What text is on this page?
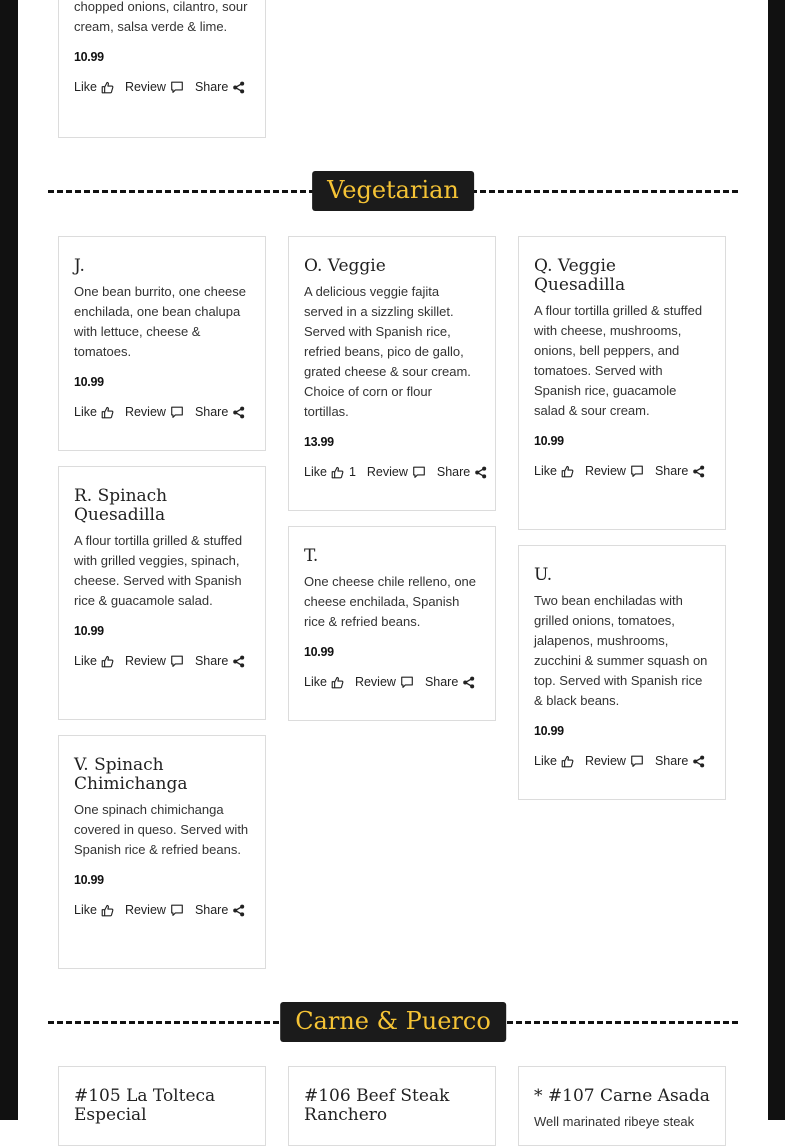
chopped onions, cilantro, sour cream, salsa verde & lime.

10.99
Like Review Share
Vegetarian
J.

One bean burrito, one cheese enchilada, one bean chalupa with lettuce, cheese & tomatoes.

10.99
Like Review Share
R. Spinach Quesadilla

A flour tortilla grilled & stuffed with grilled veggies, spinach, cheese. Served with Spanish rice & guacamole salad.

10.99
Like Review Share
V. Spinach Chimichanga

One spinach chimichanga covered in queso. Served with Spanish rice & refried beans.

10.99
Like Review Share
O. Veggie

A delicious veggie fajita served in a sizzling skillet. Served with Spanish rice, refried beans, pico de gallo, grated cheese & sour cream. Choice of corn or flour tortillas.

13.99
Like 1 Review Share
T.

One cheese chile relleno, one cheese enchilada, Spanish rice & refried beans.

10.99
Like Review Share
Q. Veggie Quesadilla

A flour tortilla grilled & stuffed with cheese, mushrooms, onions, bell peppers, and tomatoes. Served with Spanish rice, guacamole salad & sour cream.

10.99
Like Review Share
U.

Two bean enchiladas with grilled onions, tomatoes, jalapenos, mushrooms, zucchini & summer squash on top. Served with Spanish rice & black beans.

10.99
Like Review Share
Carne & Puerco
#105 La Tolteca Especial
#106 Beef Steak Ranchero
* #107 Carne Asada

Well marinated ribeye steak
